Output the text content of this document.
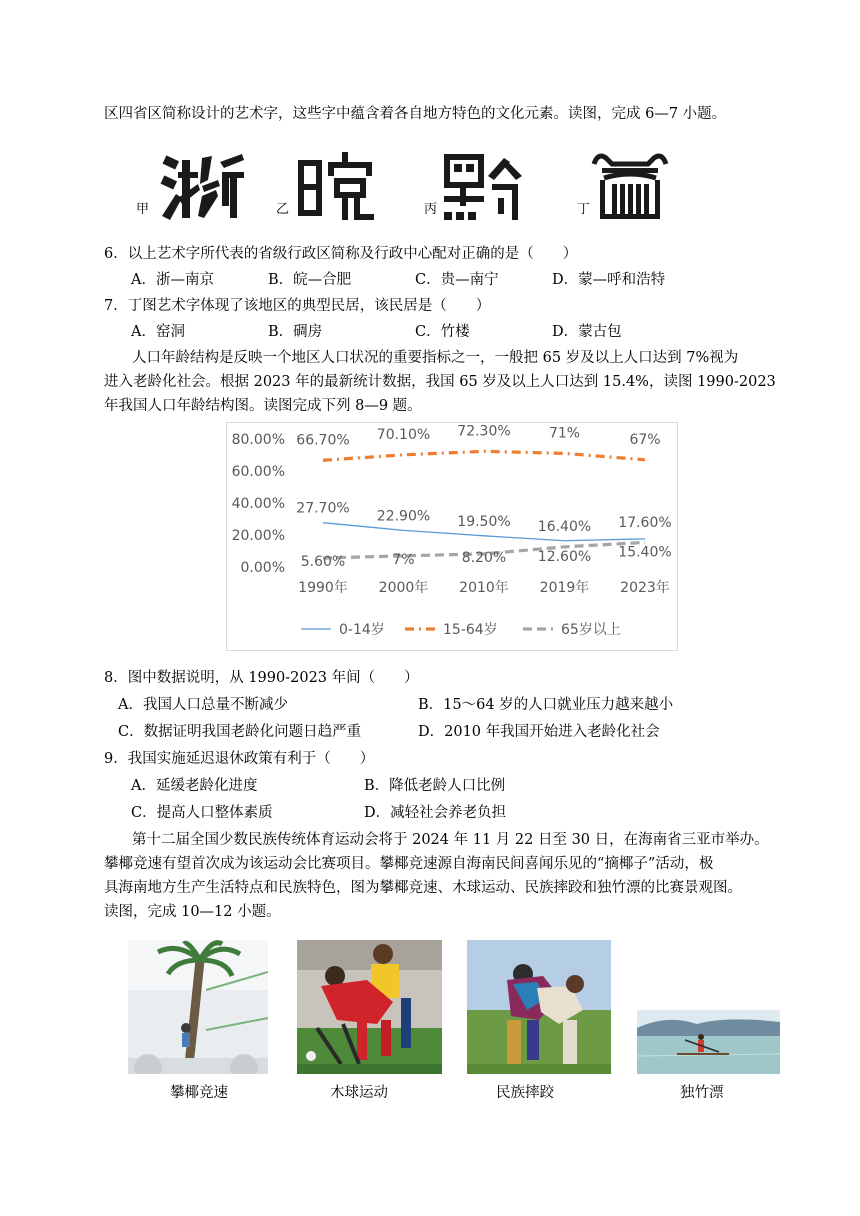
区四省区简称设计的艺术字，这些字中蕴含着各自地方特色的文化元素。读图，完成 6—7 小题。
甲	乙	丙	丁
6．以上艺术字所代表的省级行政区简称及行政中心配对正确的是（　　）
A．浙—南京	B．皖—合肥	C．贵—南宁	D．蒙—呼和浩特
7．丁图艺术字体现了该地区的典型民居，该民居是（　　）
A．窑洞	B．碉房	C．竹楼	D．蒙古包
人口年龄结构是反映一个地区人口状况的重要指标之一，一般把 65 岁及以上人口达到 7%视为
进入老龄化社会。根据 2023 年的最新统计数据，我国 65 岁及以上人口达到 15.4%，读图 1990-2023
年我国人口年龄结构图。读图完成下列 8—9 题。
80.00%
60.00%
40.00%
20.00%
0.00%
1990年 2000年 2010年 2019年 2023年
27.70% 22.90% 19.50% 16.40% 17.60%
66.70% 70.10% 72.30%	71%	67%
5.60%	7%	8.20% 12.60% 15.40%
0-14岁	15-64岁	65岁以上
8．图中数据说明，从 1990-2023 年间（　　）
A．我国人口总量不断减少	B．15～64 岁的人口就业压力越来越小
C．数据证明我国老龄化问题日趋严重	D．2010 年我国开始进入老龄化社会
9．我国实施延迟退休政策有利于（　　）
A．延缓老龄化进度	B．降低老龄人口比例
C．提高人口整体素质	D．减轻社会养老负担
第十二届全国少数民族传统体育运动会将于 2024 年 11 月 22 日至 30 日，在海南省三亚市举办。
攀椰竞速有望首次成为该运动会比赛项目。攀椰竞速源自海南民间喜闻乐见的“摘椰子”活动，极
具海南地方生产生活特点和民族特色，图为攀椰竞速、木球运动、民族摔跤和独竹漂的比赛景观图。
读图，完成 10—12 小题。
攀椰竞速	木球运动	民族摔跤	独竹漂
